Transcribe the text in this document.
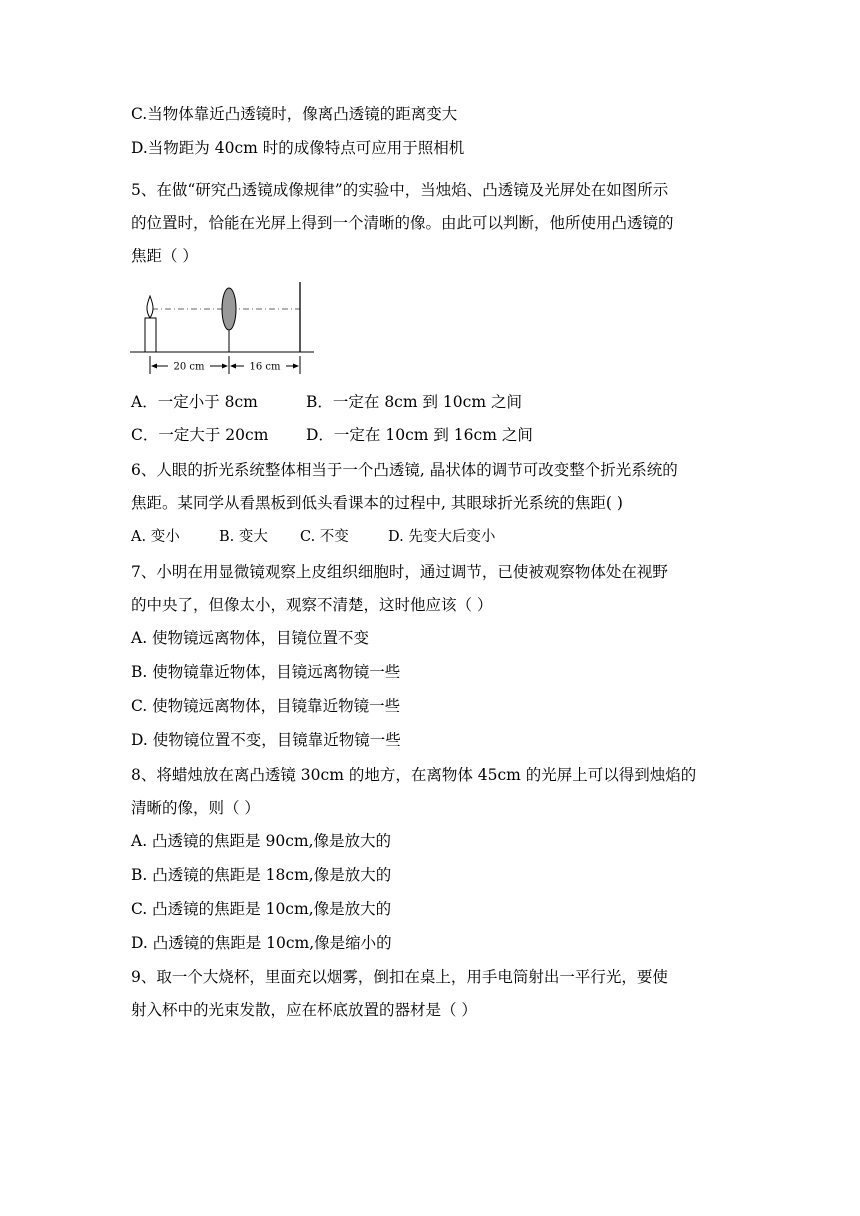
C.当物体靠近凸透镜时，像离凸透镜的距离变大
D.当物距为 40cm 时的成像特点可应用于照相机
5、在做“研究凸透镜成像规律”的实验中，当烛焰、凸透镜及光屏处在如图所示
的位置时，恰能在光屏上得到一个清晰的像。由此可以判断，他所使用凸透镜的
焦距（ ）
20 cm	16 cm
A．一定小于 8cm	B．一定在 8cm 到 10cm 之间
C．一定大于 20cm D．一定在 10cm 到 16cm 之间
6、人眼的折光系统整体相当于一个凸透镜, 晶状体的调节可改变整个折光系统的
焦距。某同学从看黑板到低头看课本的过程中, 其眼球折光系统的焦距( )
A. 变小	B. 变大 C. 不变	D. 先变大后变小
7、小明在用显微镜观察上皮组织细胞时，通过调节，已使被观察物体处在视野
的中央了，但像太小，观察不清楚，这时他应该（ ）
A. 使物镜远离物体，目镜位置不变
B. 使物镜靠近物体，目镜远离物镜一些
C. 使物镜远离物体，目镜靠近物镜一些
D. 使物镜位置不变，目镜靠近物镜一些
8、将蜡烛放在离凸透镜 30cm 的地方，在离物体 45cm 的光屏上可以得到烛焰的
清晰的像，则（ ）
A. 凸透镜的焦距是 90cm,像是放大的
B. 凸透镜的焦距是 18cm,像是放大的
C. 凸透镜的焦距是 10cm,像是放大的
D. 凸透镜的焦距是 10cm,像是缩小的
9、取一个大烧杯，里面充以烟雾，倒扣在桌上，用手电筒射出一平行光，要使
射入杯中的光束发散，应在杯底放置的器材是（ ）
